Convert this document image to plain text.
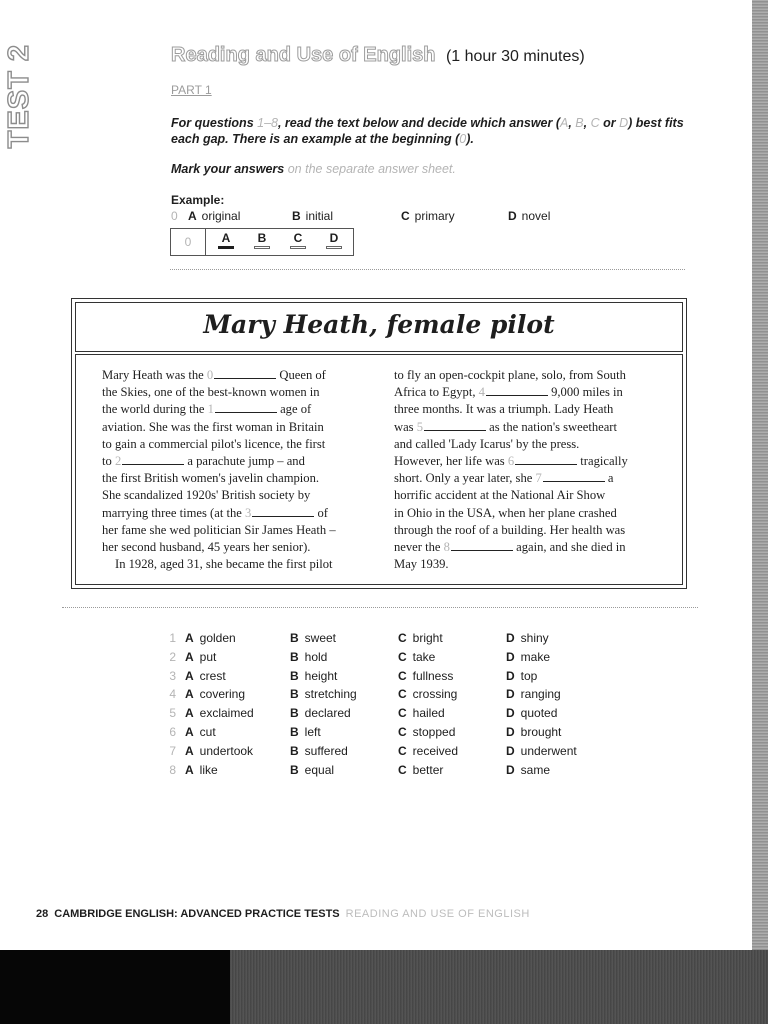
TEST 2	Reading and Use of English (1 hour 30 minutes)
PART 1
For questions 1–8, read the text below and decide which answer (A, B, C or D) best fits each gap. There is an example at the beginning (0).
Mark your answers on the separate answer sheet.
Example:
0 A original	B initial	C primary	D novel
0	A	B	C	D
Mary Heath, female pilot
Mary Heath was the 0	Queen of
the Skies, one of the best-known women in
the world during the 1	age of
aviation. She was the first woman in Britain
to gain a commercial pilot's licence, the first
to 2	a parachute jump – and
the first British women's javelin champion.
She scandalized 1920s' British society by
marrying three times (at the 3	of
her fame she wed politician Sir James Heath –
her second husband, 45 years her senior).
In 1928, aged 31, she became the first pilot
to fly an open-cockpit plane, solo, from South
Africa to Egypt, 4	9,000 miles in
three months. It was a triumph. Lady Heath
was 5	as the nation's sweetheart
and called 'Lady Icarus' by the press.
However, her life was 6	tragically
short. Only a year later, she 7	a
horrific accident at the National Air Show
in Ohio in the USA, when her plane crashed
through the roof of a building. Her health was
never the 8	again, and she died in
May 1939.
1 A golden	B sweet	C bright	D shiny
2 A put	B hold	C take	D make
3 A crest	B height	C fullness	D top
4 A covering	B stretching	C crossing	D ranging
5 A exclaimed	B declared	C hailed	D quoted
6 A cut	B left	C stopped	D brought
7 A undertook	B suffered	C received	D underwent
8 A like	B equal	C better	D same
28 CAMBRIDGE ENGLISH: ADVANCED PRACTICE TESTS READING AND USE OF ENGLISH
